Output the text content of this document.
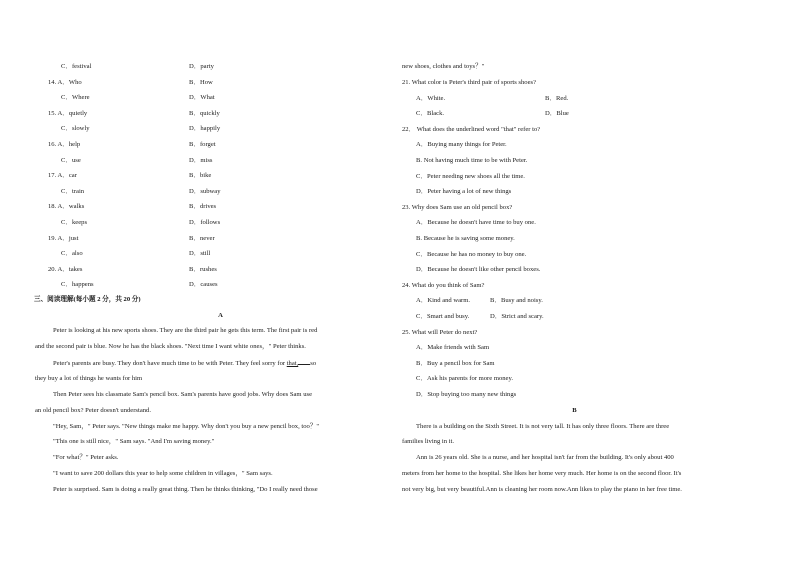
C．festival	D．party
14. A．Who	B．How
C．Where	D．What
15. A．quietly	B．quickly
C．slowly	D．happily
16. A．help	B．forget
C．use	D．miss
17. A．car	B．bike
C．train	D．subway
18. A．walks	B．drives
C．keeps	D．follows
19. A．just	B．never
C．also	D．still
20. A．takes	B．rushes
C．happens	D．causes
三、阅读理解(每小题 2 分，共 20 分)
A
Peter is looking at his new sports shoes. They are the third pair he gets this term. The first pair is red
and the second pair is blue. Now he has the black shoes. "Next time I want white ones，" Peter thinks.
Peter's parents are busy. They don't have much time to be with Peter. They feel sorry for that, so
they buy a lot of things he wants for him
Then Peter sees his classmate Sam's pencil box. Sam's parents have good jobs. Why does Sam use
an old pencil box? Peter doesn't understand.
"Hey, Sam，" Peter says. "New things make me happy. Why don't you buy a new pencil box, too？"
"This one is still nice，" Sam says. "And I'm saving money."
"For what？" Peter asks.
"I want to save 200 dollars this year to help some children in villages，" Sam says.
Peter is surprised. Sam is doing a really great thing. Then he thinks thinking, "Do I really need those
new shoes, clothes and toys？"
21. What color is Peter's third pair of sports shoes?
A．White.	B．Red.
C．Black.	D．Blue
22． What does the underlined word "that" refer to?
A．Buying many things for Peter.
B. Not having much time to be with Peter.
C．Peter needing new shoes all the time.
D．Peter having a lot of new things
23. Why does Sam use an old pencil box?
A．Because he doesn't have time to buy one.
B. Because he is saving some money.
C．Because he has no money to buy one.
D．Because he doesn't like other pencil boxes.
24. What do you think of Sam?
A．Kind and warm.	B．Busy and noisy.
C．Smart and busy.	D．Strict and scary.
25. What will Peter do next?
A．Make friends with Sam
B．Buy a pencil box for Sam
C．Ask his parents for more money.
D．Stop buying too many new things
B
There is a building on the Sixth Street. It is not very tall. It has only three floors. There are three
families living in it.
Ann is 26 years old. She is a nurse, and her hospital isn't far from the building. It's only about 400
meters from her home to the hospital. She likes her home very much. Her home is on the second floor. It's
not very big, but very beautiful.Ann is cleaning her room now.Ann likes to play the piano in her free time.
